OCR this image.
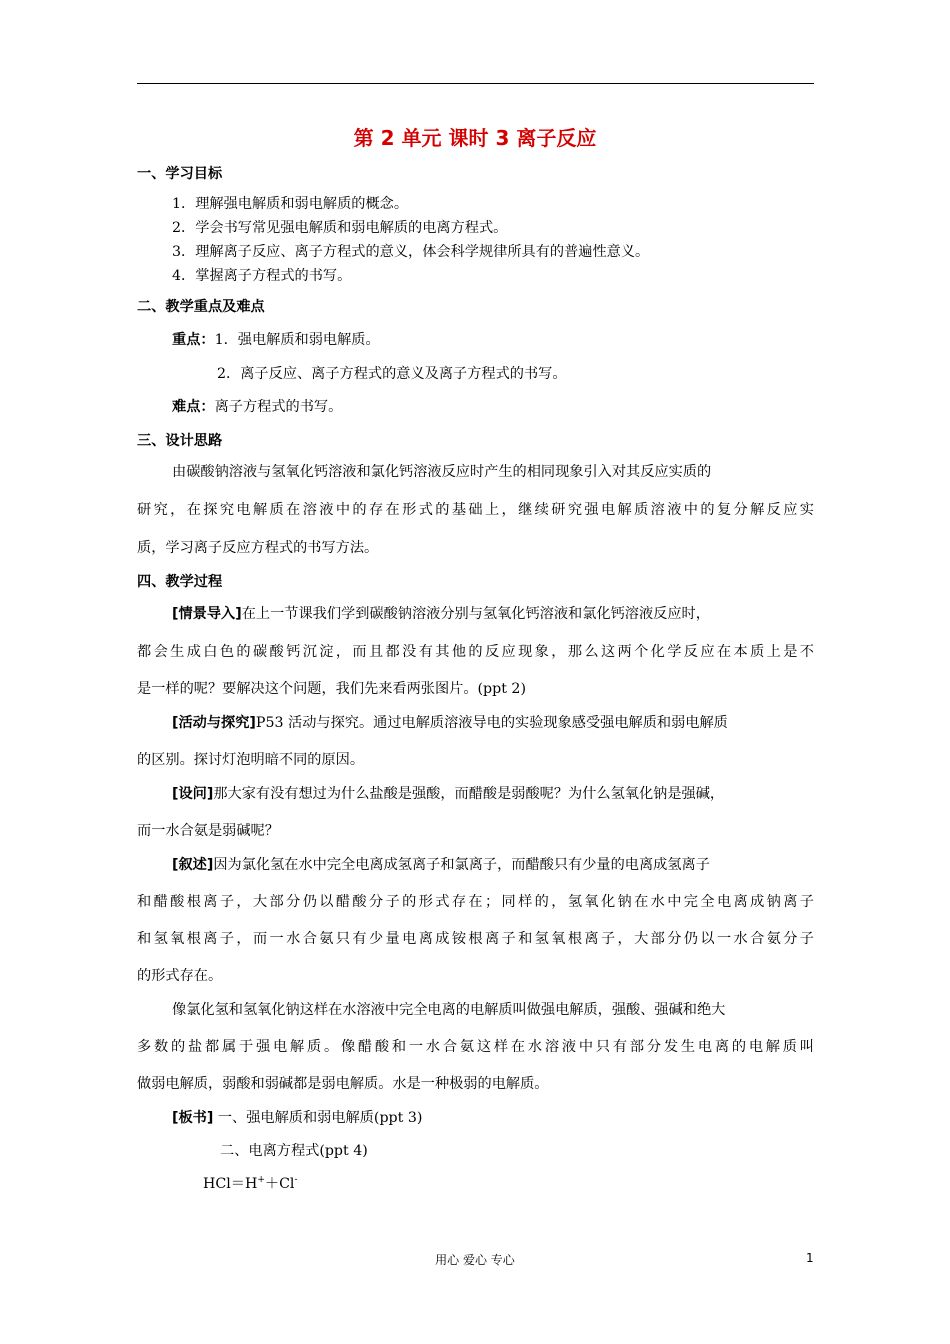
第 2 单元 课时 3 离子反应
一、学习目标
1．理解强电解质和弱电解质的概念。
2．学会书写常见强电解质和弱电解质的电离方程式。
3．理解离子反应、离子方程式的意义，体会科学规律所具有的普遍性意义。
4．掌握离子方程式的书写。
二、教学重点及难点
重点：1．强电解质和弱电解质。
2．离子反应、离子方程式的意义及离子方程式的书写。
难点：离子方程式的书写。
三、设计思路
由碳酸钠溶液与氢氧化钙溶液和氯化钙溶液反应时产生的相同现象引入对其反应实质的
研究，在探究电解质在溶液中的存在形式的基础上，继续研究强电解质溶液中的复分解反应实
质，学习离子反应方程式的书写方法。
四、教学过程
[情景导入]在上一节课我们学到碳酸钠溶液分别与氢氧化钙溶液和氯化钙溶液反应时，
都会生成白色的碳酸钙沉淀，而且都没有其他的反应现象，那么这两个化学反应在本质上是不
是一样的呢？要解决这个问题，我们先来看两张图片。(ppt 2)
[活动与探究]P53 活动与探究。通过电解质溶液导电的实验现象感受强电解质和弱电解质
的区别。探讨灯泡明暗不同的原因。
[设问]那大家有没有想过为什么盐酸是强酸，而醋酸是弱酸呢？为什么氢氧化钠是强碱，
而一水合氨是弱碱呢？
[叙述]因为氯化氢在水中完全电离成氢离子和氯离子，而醋酸只有少量的电离成氢离子
和醋酸根离子，大部分仍以醋酸分子的形式存在；同样的，氢氧化钠在水中完全电离成钠离子
和氢氧根离子，而一水合氨只有少量电离成铵根离子和氢氧根离子，大部分仍以一水合氨分子
的形式存在。
像氯化氢和氢氧化钠这样在水溶液中完全电离的电解质叫做强电解质，强酸、强碱和绝大
多数的盐都属于强电解质。像醋酸和一水合氨这样在水溶液中只有部分发生电离的电解质叫
做弱电解质，弱酸和弱碱都是弱电解质。水是一种极弱的电解质。
[板书] 一、强电解质和弱电解质(ppt 3)
二、电离方程式(ppt 4)
HCl＝H+＋Cl-
用心 爱心 专心	1
